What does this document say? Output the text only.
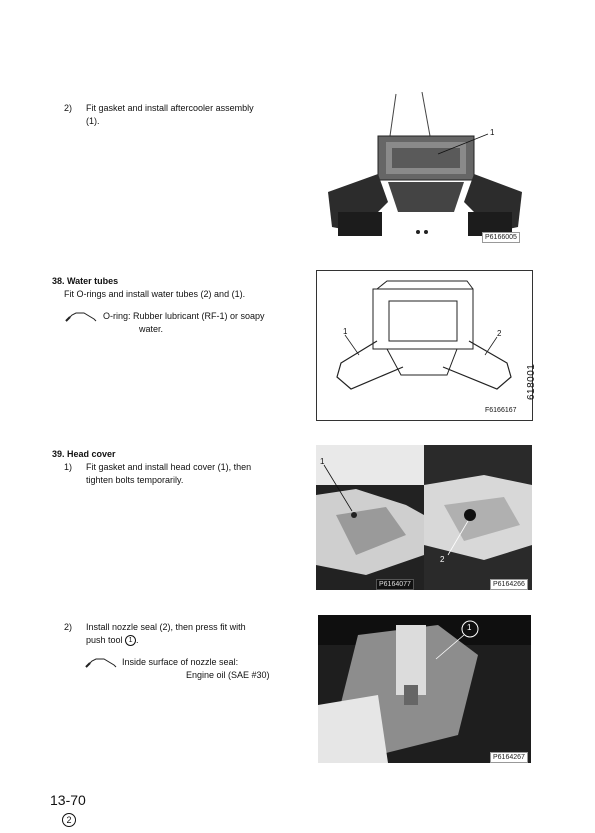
2) Fit gasket and install aftercooler assembly
(1).
1
P6166005
38. Water tubes
Fit O-rings and install water tubes (2) and (1).
O-ring: Rubber lubricant (RF-1) or soapy
water.	1	2
F6166167
618001
39. Head cover
1) Fit gasket and install head cover (1), then
tighten bolts temporarily.
1
P6164077
2
P6164266
2) Install nozzle seal (2), then press fit with
push tool 1 .
Inside surface of nozzle seal:
Engine oil (SAE #30)
1
P6164267
13-70
2
